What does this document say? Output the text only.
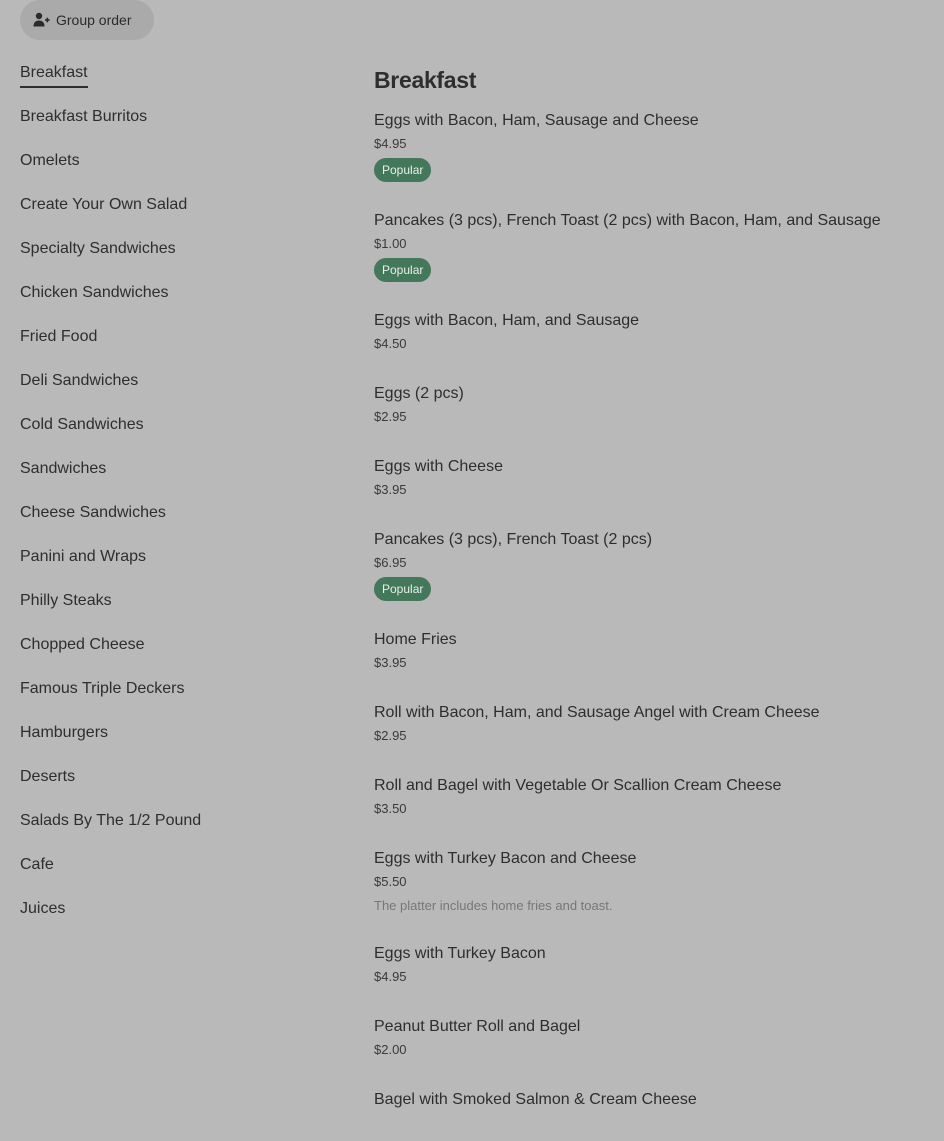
Group order
Breakfast
Breakfast Burritos
Omelets
Create Your Own Salad
Specialty Sandwiches
Chicken Sandwiches
Fried Food
Deli Sandwiches
Cold Sandwiches
Sandwiches
Cheese Sandwiches
Panini and Wraps
Philly Steaks
Chopped Cheese
Famous Triple Deckers
Hamburgers
Deserts
Salads By The 1/2 Pound
Cafe
Juices
Breakfast
Eggs with Bacon, Ham, Sausage and Cheese
$4.95
Popular
Pancakes (3 pcs), French Toast (2 pcs) with Bacon, Ham, and Sausage
$1.00
Popular
Eggs with Bacon, Ham, and Sausage
$4.50
Eggs (2 pcs)
$2.95
Eggs with Cheese
$3.95
Pancakes (3 pcs), French Toast (2 pcs)
$6.95
Popular
Home Fries
$3.95
Roll with Bacon, Ham, and Sausage Angel with Cream Cheese
$2.95
Roll and Bagel with Vegetable Or Scallion Cream Cheese
$3.50
Eggs with Turkey Bacon and Cheese
$5.50
The platter includes home fries and toast.
Eggs with Turkey Bacon
$4.95
Peanut Butter Roll and Bagel
$2.00
Bagel with Smoked Salmon & Cream Cheese
